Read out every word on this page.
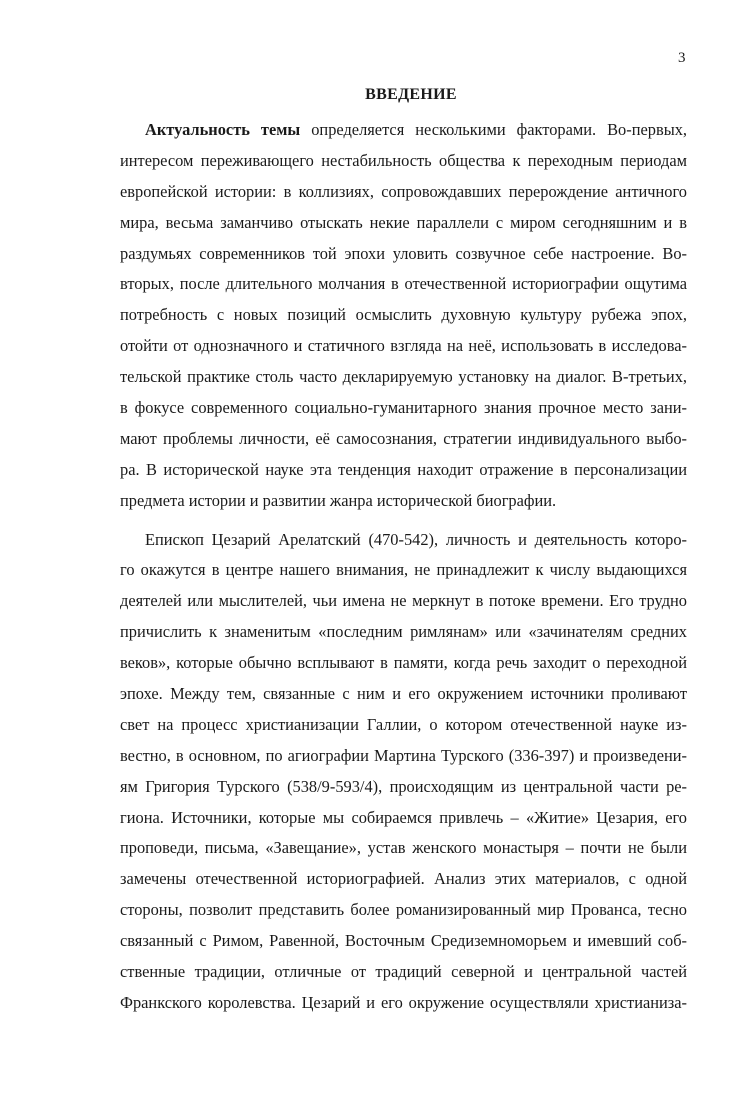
3
ВВЕДЕНИЕ
Актуальность темы определяется несколькими факторами. Во-первых,
интересом переживающего нестабильность общества к переходным периодам
европейской истории: в коллизиях, сопровождавших перерождение античного
мира, весьма заманчиво отыскать некие параллели с миром сегодняшним и в
раздумьях современников той эпохи уловить созвучное себе настроение. Во-
вторых, после длительного молчания в отечественной историографии ощутима
потребность с новых позиций осмыслить духовную культуру рубежа эпох,
отойти от однозначного и статичного взгляда на неё, использовать в исследова-
тельской практике столь часто декларируемую установку на диалог. В-третьих,
в фокусе современного социально-гуманитарного знания прочное место зани-
мают проблемы личности, её самосознания, стратегии индивидуального выбо-
ра. В исторической науке эта тенденция находит отражение в персонализации
предмета истории и развитии жанра исторической биографии.
Епископ Цезарий Арелатский (470-542), личность и деятельность которо-
го окажутся в центре нашего внимания, не принадлежит к числу выдающихся
деятелей или мыслителей, чьи имена не меркнут в потоке времени. Его трудно
причислить к знаменитым «последним римлянам» или «зачинателям средних
веков», которые обычно всплывают в памяти, когда речь заходит о переходной
эпохе. Между тем, связанные с ним и его окружением источники проливают
свет на процесс христианизации Галлии, о котором отечественной науке из-
вестно, в основном, по агиографии Мартина Турского (336-397) и произведени-
ям Григория Турского (538/9-593/4), происходящим из центральной части ре-
гиона. Источники, которые мы собираемся привлечь – «Житие» Цезария, его
проповеди, письма, «Завещание», устав женского монастыря – почти не были
замечены отечественной историографией. Анализ этих материалов, с одной
стороны, позволит представить более романизированный мир Прованса, тесно
связанный с Римом, Равенной, Восточным Средиземноморьем и имевший соб-
ственные традиции, отличные от традиций северной и центральной частей
Франкского королевства. Цезарий и его окружение осуществляли христианиза-
